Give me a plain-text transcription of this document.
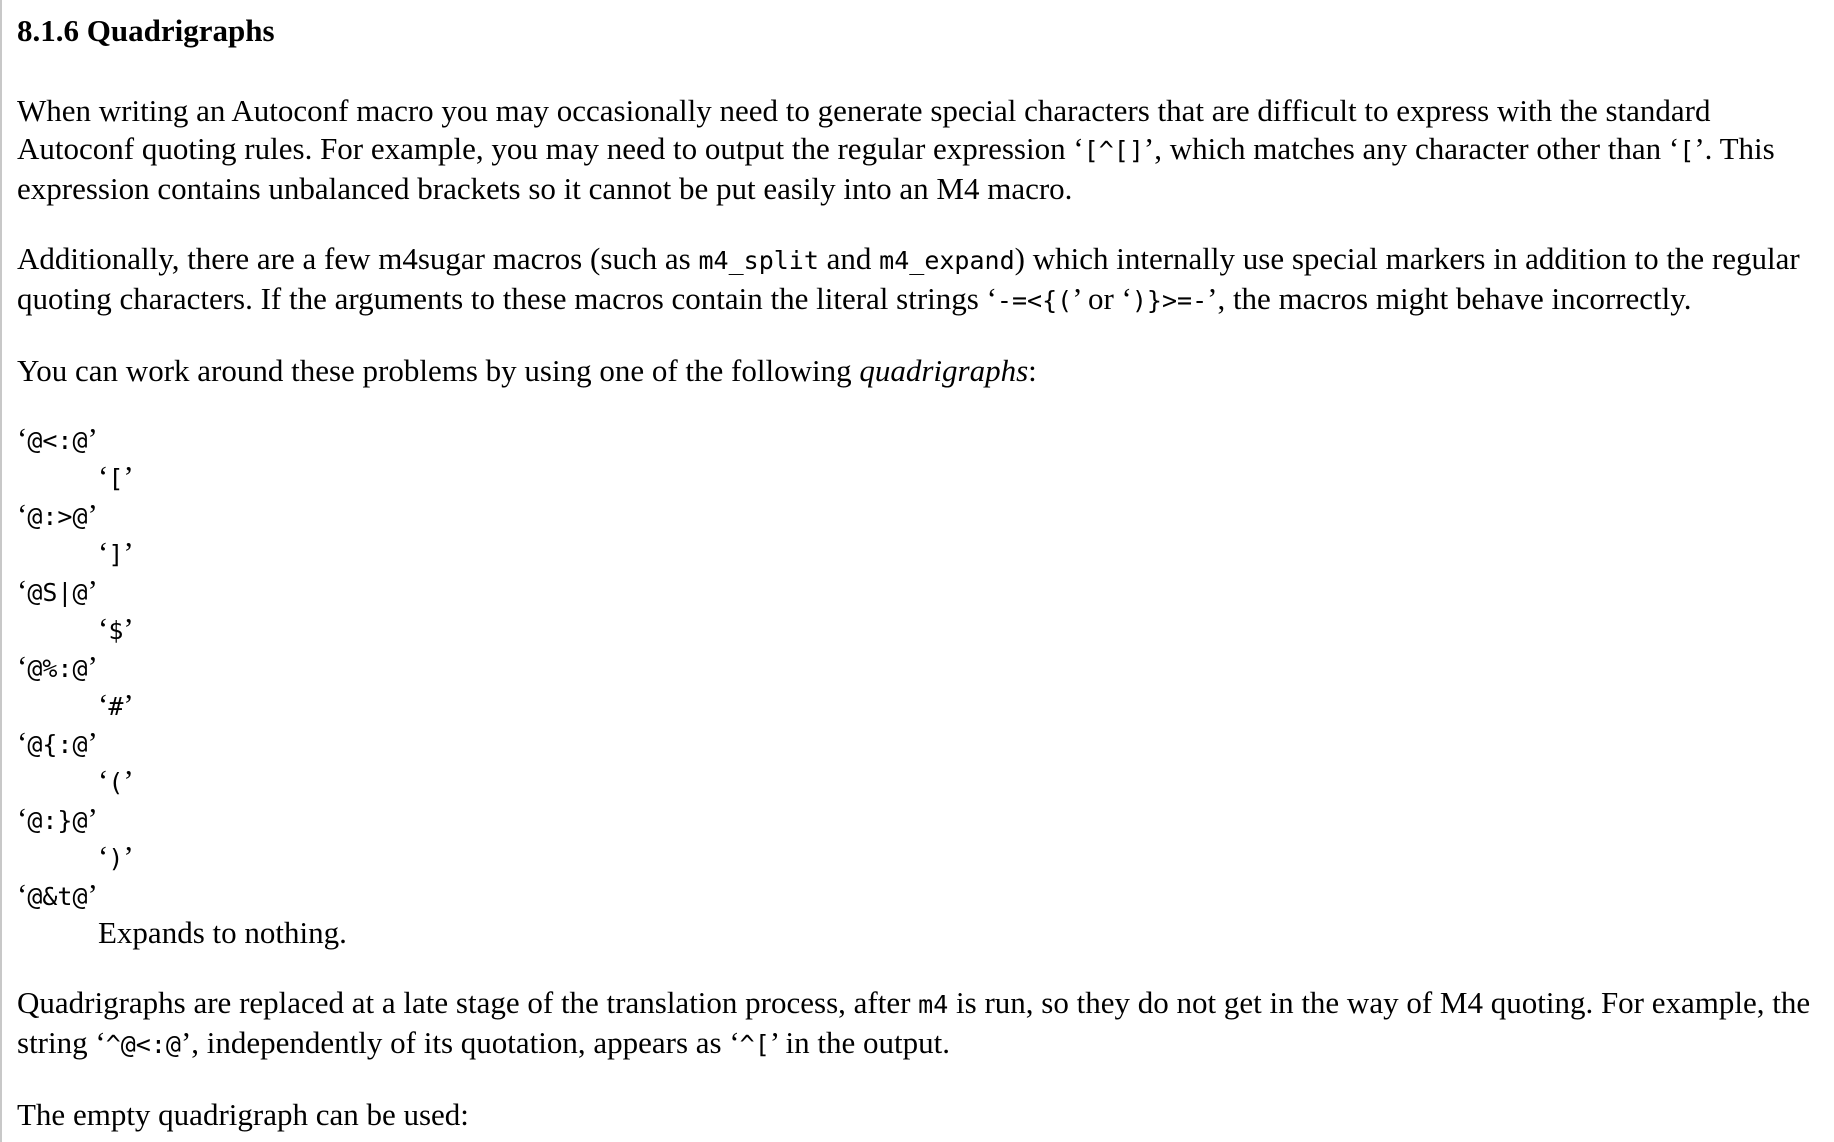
8.1.6 Quadrigraphs

When writing an Autoconf macro you may occasionally need to generate special characters that are difficult to express with the standard Autoconf quoting rules. For example, you may need to output the regular expression ‘[^[]’, which matches any character other than ‘[’. This expression contains unbalanced brackets so it cannot be put easily into an M4 macro.

Additionally, there are a few m4sugar macros (such as m4_split and m4_expand) which internally use special markers in addition to the regular quoting characters. If the arguments to these macros contain the literal strings ‘-=<{(’ or ‘)}>=-’, the macros might behave incorrectly.

You can work around these problems by using one of the following quadrigraphs:

‘@<:@’
‘[’
‘@:>@’
‘]’
‘@S|@’
‘$’
‘@%:@’
‘#’
‘@{:@’
‘(’
‘@:}@’
‘)’
‘@&t@’
Expands to nothing.

Quadrigraphs are replaced at a late stage of the translation process, after m4 is run, so they do not get in the way of M4 quoting. For example, the string ‘^@<:@’, independently of its quotation, appears as ‘^[’ in the output.

The empty quadrigraph can be used:
